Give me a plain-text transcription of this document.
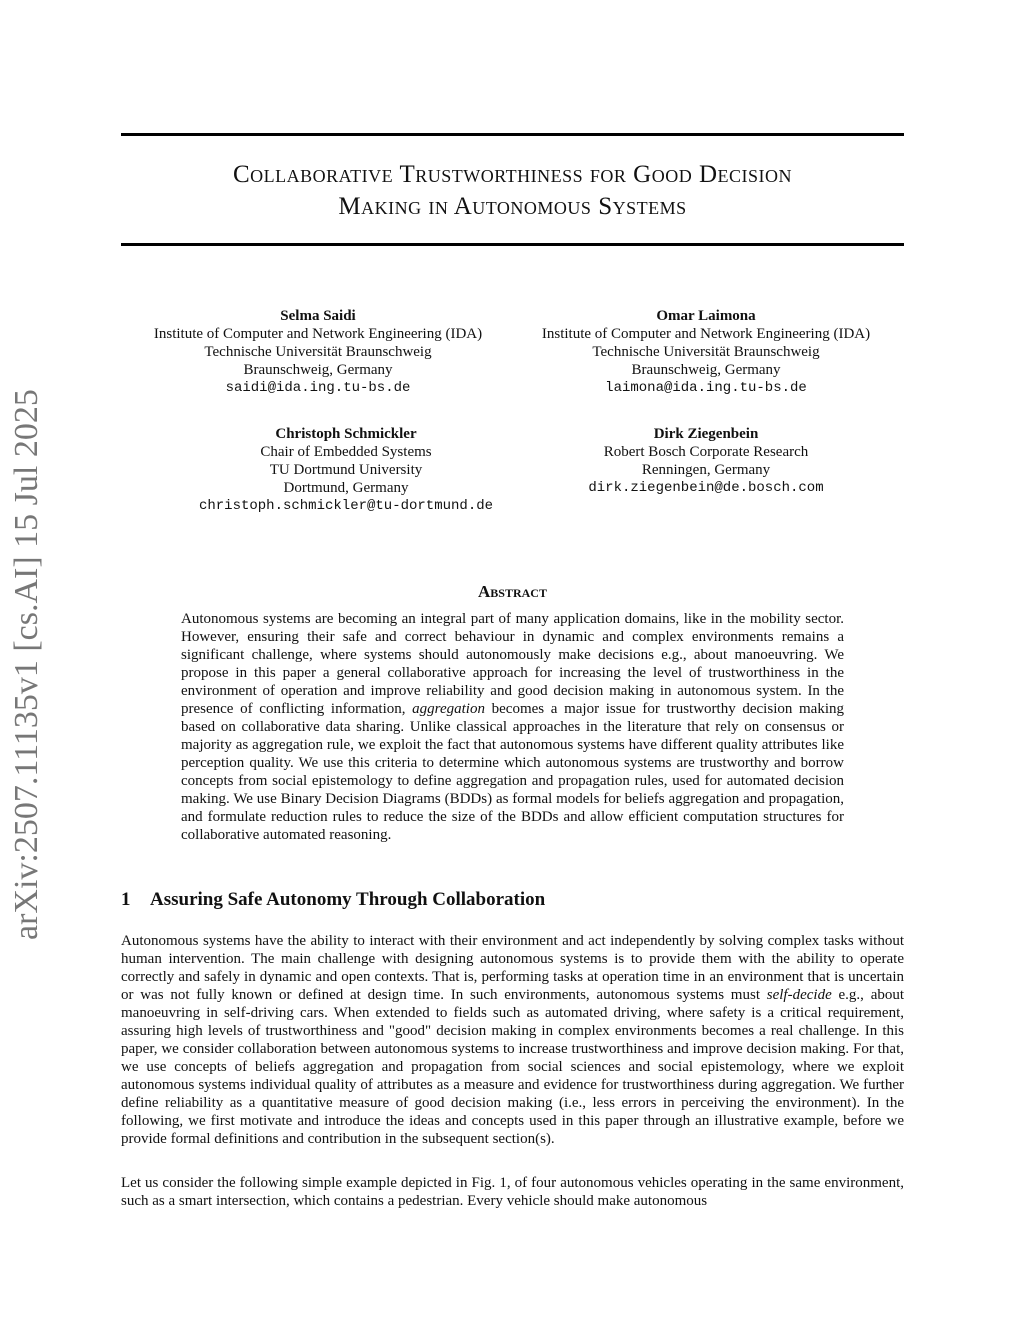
Collaborative Trustworthiness for Good Decision
Making in Autonomous Systems
arXiv:2507.11135v1 [cs.AI] 15 Jul 2025
Selma Saidi
Institute of Computer and Network Engineering (IDA)
Technische Universität Braunschweig
Braunschweig, Germany
saidi@ida.ing.tu-bs.de
Omar Laimona
Institute of Computer and Network Engineering (IDA)
Technische Universität Braunschweig
Braunschweig, Germany
laimona@ida.ing.tu-bs.de
Christoph Schmickler
Chair of Embedded Systems
TU Dortmund University
Dortmund, Germany
christoph.schmickler@tu-dortmund.de
Dirk Ziegenbein
Robert Bosch Corporate Research
Renningen, Germany
dirk.ziegenbein@de.bosch.com
Abstract
Autonomous systems are becoming an integral part of many application domains, like in the mobility sector. However, ensuring their safe and correct behaviour in dynamic and complex environments remains a significant challenge, where systems should autonomously make decisions e.g., about manoeuvring. We propose in this paper a general collaborative approach for increasing the level of trustworthiness in the environment of operation and improve reliability and good decision making in autonomous system. In the presence of conflicting information, aggregation becomes a major issue for trustworthy decision making based on collaborative data sharing. Unlike classical approaches in the literature that rely on consensus or majority as aggregation rule, we exploit the fact that autonomous systems have different quality attributes like perception quality. We use this criteria to determine which autonomous systems are trustworthy and borrow concepts from social epistemology to define aggregation and propagation rules, used for automated decision making. We use Binary Decision Diagrams (BDDs) as formal models for beliefs aggregation and propagation, and formulate reduction rules to reduce the size of the BDDs and allow efficient computation structures for collaborative automated reasoning.
1 Assuring Safe Autonomy Through Collaboration
Autonomous systems have the ability to interact with their environment and act independently by solving complex tasks without human intervention. The main challenge with designing autonomous systems is to provide them with the ability to operate correctly and safely in dynamic and open contexts. That is, performing tasks at operation time in an environment that is uncertain or was not fully known or defined at design time. In such environments, autonomous systems must self-decide e.g., about manoeuvring in self-driving cars. When extended to fields such as automated driving, where safety is a critical requirement, assuring high levels of trustworthiness and "good" decision making in complex environments becomes a real challenge. In this paper, we consider collaboration between autonomous systems to increase trustworthiness and improve decision making. For that, we use concepts of beliefs aggregation and propagation from social sciences and social epistemology, where we exploit autonomous systems individual quality of attributes as a measure and evidence for trustworthiness during aggregation. We further define reliability as a quantitative measure of good decision making (i.e., less errors in perceiving the environment). In the following, we first motivate and introduce the ideas and concepts used in this paper through an illustrative example, before we provide formal definitions and contribution in the subsequent section(s).
Let us consider the following simple example depicted in Fig. 1, of four autonomous vehicles operating in the same environment, such as a smart intersection, which contains a pedestrian. Every vehicle should make autonomous
